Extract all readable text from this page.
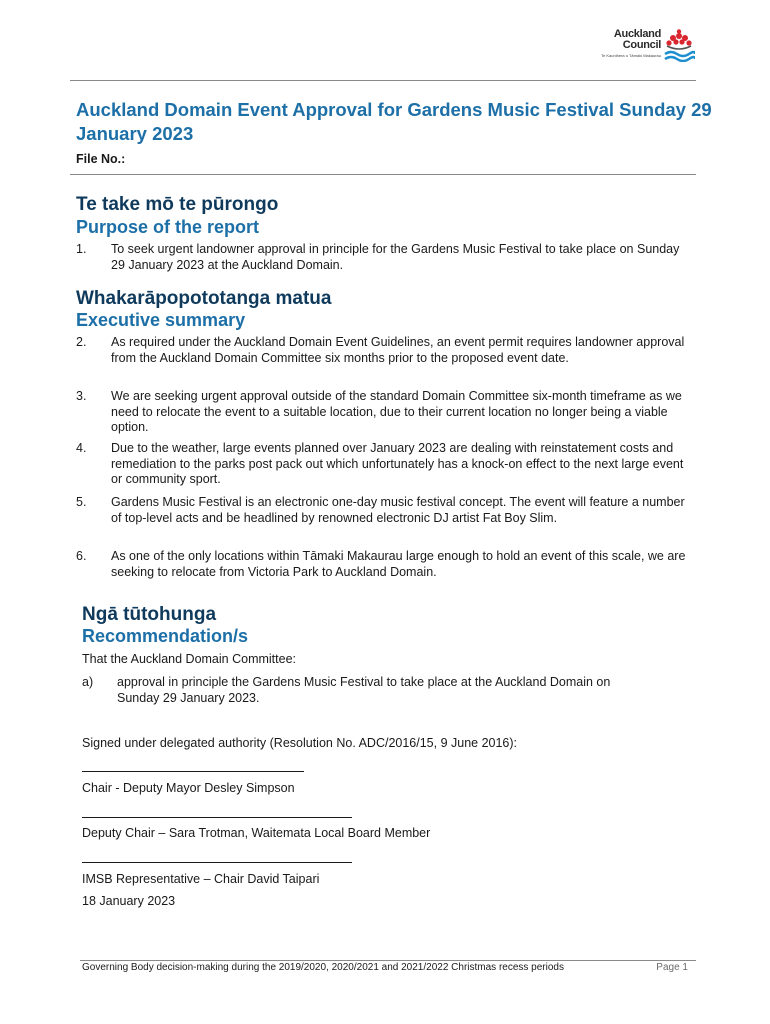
Auckland
Council
Te Kaunihera o Tāmaki Makaurau
Auckland Domain Event Approval for Gardens Music Festival Sunday 29 January 2023
File No.:
Te take mō te pūrongo
Purpose of the report
1. To seek urgent landowner approval in principle for the Gardens Music Festival to take place on Sunday 29 January 2023 at the Auckland Domain.
Whakarāpopototanga matua
Executive summary
2. As required under the Auckland Domain Event Guidelines, an event permit requires landowner approval from the Auckland Domain Committee six months prior to the proposed event date.
3. We are seeking urgent approval outside of the standard Domain Committee six-month timeframe as we need to relocate the event to a suitable location, due to their current location no longer being a viable option.
4. Due to the weather, large events planned over January 2023 are dealing with reinstatement costs and remediation to the parks post pack out which unfortunately has a knock-on effect to the next large event or community sport.
5. Gardens Music Festival is an electronic one-day music festival concept. The event will feature a number of top-level acts and be headlined by renowned electronic DJ artist Fat Boy Slim.
6. As one of the only locations within Tāmaki Makaurau large enough to hold an event of this scale, we are seeking to relocate from Victoria Park to Auckland Domain.
Ngā tūtohunga
Recommendation/s
That the Auckland Domain Committee:
a) approval in principle the Gardens Music Festival to take place at the Auckland Domain on Sunday 29 January 2023.
Signed under delegated authority (Resolution No. ADC/2016/15, 9 June 2016):
Chair - Deputy Mayor Desley Simpson
Deputy Chair – Sara Trotman, Waitemata Local Board Member
IMSB Representative – Chair David Taipari
18 January 2023
Governing Body decision-making during the 2019/2020, 2020/2021 and 2021/2022 Christmas recess periods	Page 1
